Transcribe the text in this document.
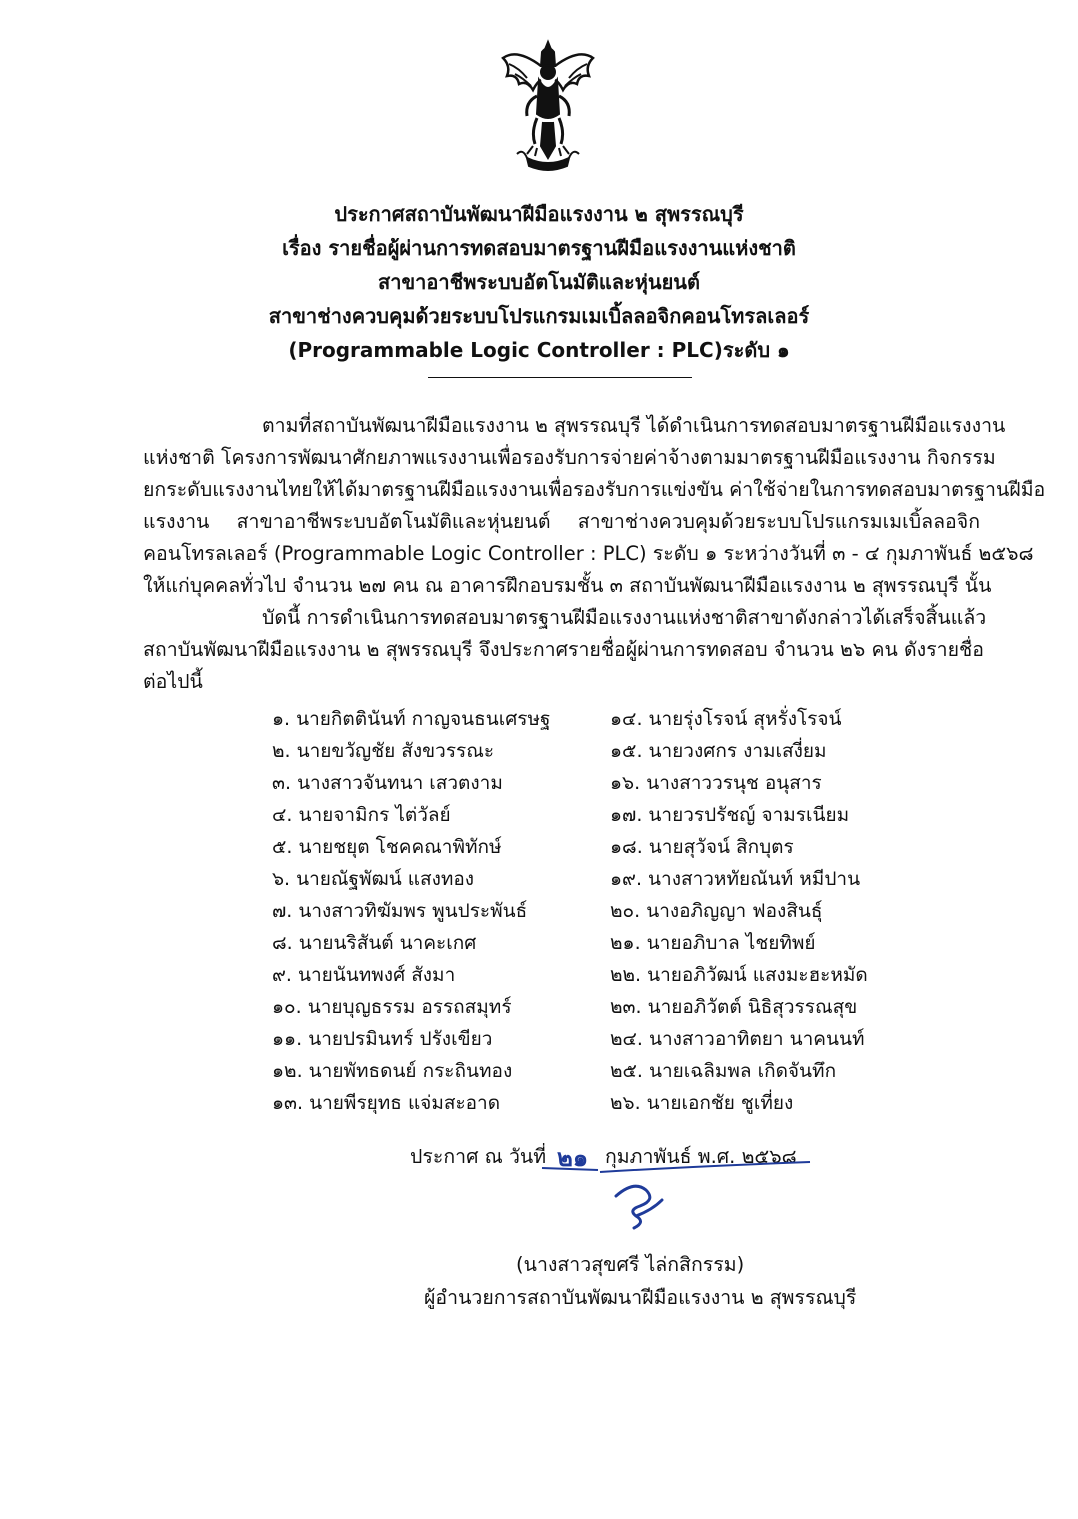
ประกาศสถาบันพัฒนาฝีมือแรงงาน ๒ สุพรรณบุรี
เรื่อง รายชื่อผู้ผ่านการทดสอบมาตรฐานฝีมือแรงงานแห่งชาติ
สาขาอาชีพระบบอัตโนมัติและหุ่นยนต์
สาขาช่างควบคุมด้วยระบบโปรแกรมเมเบิ้ลลอจิกคอนโทรลเลอร์
(Programmable Logic Controller : PLC)ระดับ ๑
ตามที่สถาบันพัฒนาฝีมือแรงงาน ๒ สุพรรณบุรี ได้ดำเนินการทดสอบมาตรฐานฝีมือแรงงาน
แห่งชาติ โครงการพัฒนาศักยภาพแรงงานเพื่อรองรับการจ่ายค่าจ้างตามมาตรฐานฝีมือแรงงาน กิจกรรม
ยกระดับแรงงานไทยให้ได้มาตรฐานฝีมือแรงงานเพื่อรองรับการแข่งขัน ค่าใช้จ่ายในการทดสอบมาตรฐานฝีมือ
แรงงาน สาขาอาชีพระบบอัตโนมัติและหุ่นยนต์ สาขาช่างควบคุมด้วยระบบโปรแกรมเมเบิ้ลลอจิก
คอนโทรลเลอร์ (Programmable Logic Controller : PLC) ระดับ ๑ ระหว่างวันที่ ๓ - ๔ กุมภาพันธ์ ๒๕๖๘
ให้แก่บุคคลทั่วไป จำนวน ๒๗ คน ณ อาคารฝึกอบรมชั้น ๓ สถาบันพัฒนาฝีมือแรงงาน ๒ สุพรรณบุรี นั้น
บัดนี้ การดำเนินการทดสอบมาตรฐานฝีมือแรงงานแห่งชาติสาขาดังกล่าวได้เสร็จสิ้นแล้ว
สถาบันพัฒนาฝีมือแรงงาน ๒ สุพรรณบุรี จึงประกาศรายชื่อผู้ผ่านการทดสอบ จำนวน ๒๖ คน ดังรายชื่อ
ต่อไปนี้
๑. นายกิตตินันท์ กาญจนธนเศรษฐ
๒. นายขวัญชัย สังขวรรณะ
๓. นางสาวจันทนา เสวตงาม
๔. นายจามิกร ไต่วัลย์
๕. นายชยุต โชคคณาพิทักษ์
๖. นายณัฐพัฒน์ แสงทอง
๗. นางสาวทิฆัมพร พูนประพันธ์
๘. นายนริสันต์ นาคะเกศ
๙. นายนันทพงศ์ สังมา
๑๐. นายบุญธรรม อรรถสมุทร์
๑๑. นายปรมินทร์ ปรังเขียว
๑๒. นายพัทธดนย์ กระถินทอง
๑๓. นายพีรยุทธ แจ่มสะอาด
๑๔. นายรุ่งโรจน์ สุหรั่งโรจน์
๑๕. นายวงศกร งามเสงี่ยม
๑๖. นางสาววรนุช อนุสาร
๑๗. นายวรปรัชญ์ จามรเนียม
๑๘. นายสุวัจน์ สิกบุตร
๑๙. นางสาวหทัยณันท์ หมีปาน
๒๐. นางอภิญญา ฟองสินธุ์
๒๑. นายอภิบาล ไชยทิพย์
๒๒. นายอภิวัฒน์ แสงมะฮะหมัด
๒๓. นายอภิวัตต์ นิธิสุวรรณสุข
๒๔. นางสาวอาทิตยา นาคนนท์
๒๕. นายเฉลิมพล เกิดจันทึก
๒๖. นายเอกชัย ชูเที่ยง
ประกาศ ณ วันที่ ๒๑ กุมภาพันธ์ พ.ศ. ๒๕๖๘
(นางสาวสุขศรี ไล่กสิกรรม)
ผู้อำนวยการสถาบันพัฒนาฝีมือแรงงาน ๒ สุพรรณบุรี
